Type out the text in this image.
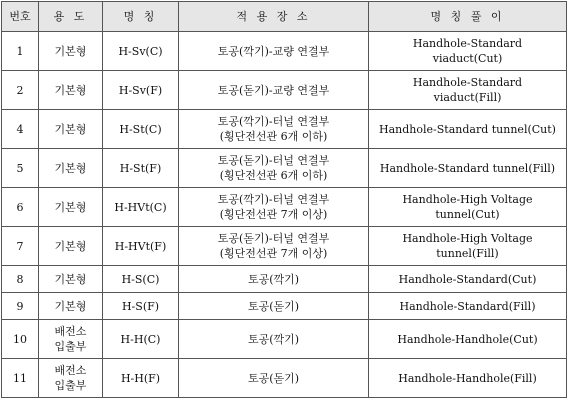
번호	용 도	명 칭	적 용 장 소	명 칭 풀 이
1	기본형	H-Sv(C)	토공(깍기)-교량 연결부	Handhole-Standard
viaduct(Cut)

2	기본형	H-Sv(F)	토공(돋기)-교량 연결부	Handhole-Standard
viaduct(Fill)

4	기본형	H-St(C)	토공(깍기)-터널 연결부
(횡단전선관 6개 이하)	Handhole-Standard tunnel(Cut)

5	기본형	H-St(F)	토공(돋기)-터널 연결부
(횡단전선관 6개 이하)	Handhole-Standard tunnel(Fill)

6	기본형	H-HVt(C)	토공(깍기)-터널 연결부
(횡단전선관 7개 이상)	Handhole-High Voltage
tunnel(Cut)

7	기본형	H-HVt(F)	토공(돋기)-터널 연결부
(횡단전선관 7개 이상)	Handhole-High Voltage
tunnel(Fill)

8	기본형	H-S(C)	토공(깍기)	Handhole-Standard(Cut)

9	기본형	H-S(F)	토공(돋기)	Handhole-Standard(Fill)

10	배전소
입출부	H-H(C)	토공(깍기)	Handhole-Handhole(Cut)

11	배전소
입출부	H-H(F)	토공(돋기)	Handhole-Handhole(Fill)
